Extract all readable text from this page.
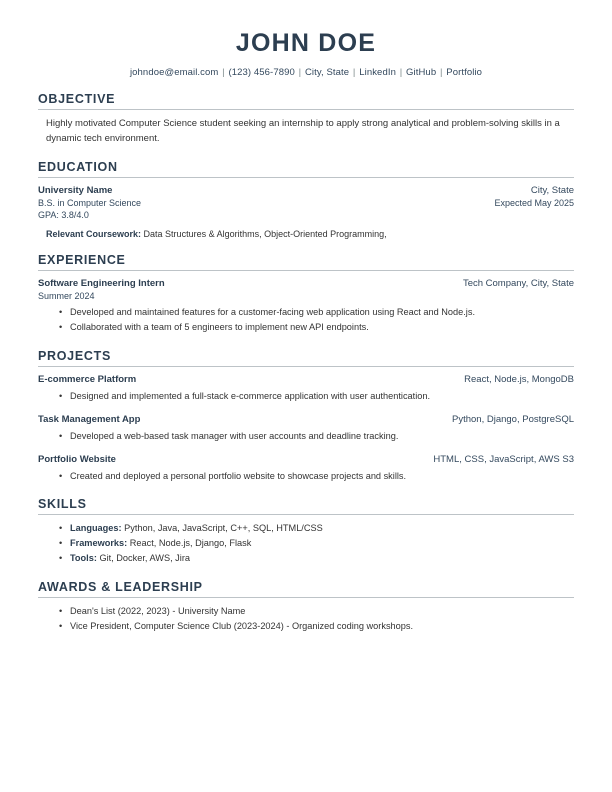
JOHN DOE
johndoe@email.com | (123) 456-7890 | City, State | LinkedIn | GitHub | Portfolio
OBJECTIVE
Highly motivated Computer Science student seeking an internship to apply strong analytical and problem-solving skills in a dynamic tech environment.
EDUCATION
University Name	City, State
B.S. in Computer Science	Expected May 2025
GPA: 3.8/4.0
Relevant Coursework: Data Structures & Algorithms, Object-Oriented Programming,
EXPERIENCE
Software Engineering Intern	Tech Company, City, State
Summer 2024
• Developed and maintained features for a customer-facing web application using React and Node.js.
• Collaborated with a team of 5 engineers to implement new API endpoints.
PROJECTS
E-commerce Platform	React, Node.js, MongoDB
• Designed and implemented a full-stack e-commerce application with user authentication.
Task Management App	Python, Django, PostgreSQL
• Developed a web-based task manager with user accounts and deadline tracking.
Portfolio Website	HTML, CSS, JavaScript, AWS S3
• Created and deployed a personal portfolio website to showcase projects and skills.
SKILLS
• Languages: Python, Java, JavaScript, C++, SQL, HTML/CSS
• Frameworks: React, Node.js, Django, Flask
• Tools: Git, Docker, AWS, Jira
AWARDS & LEADERSHIP
• Dean's List (2022, 2023) - University Name
• Vice President, Computer Science Club (2023-2024) - Organized coding workshops.
